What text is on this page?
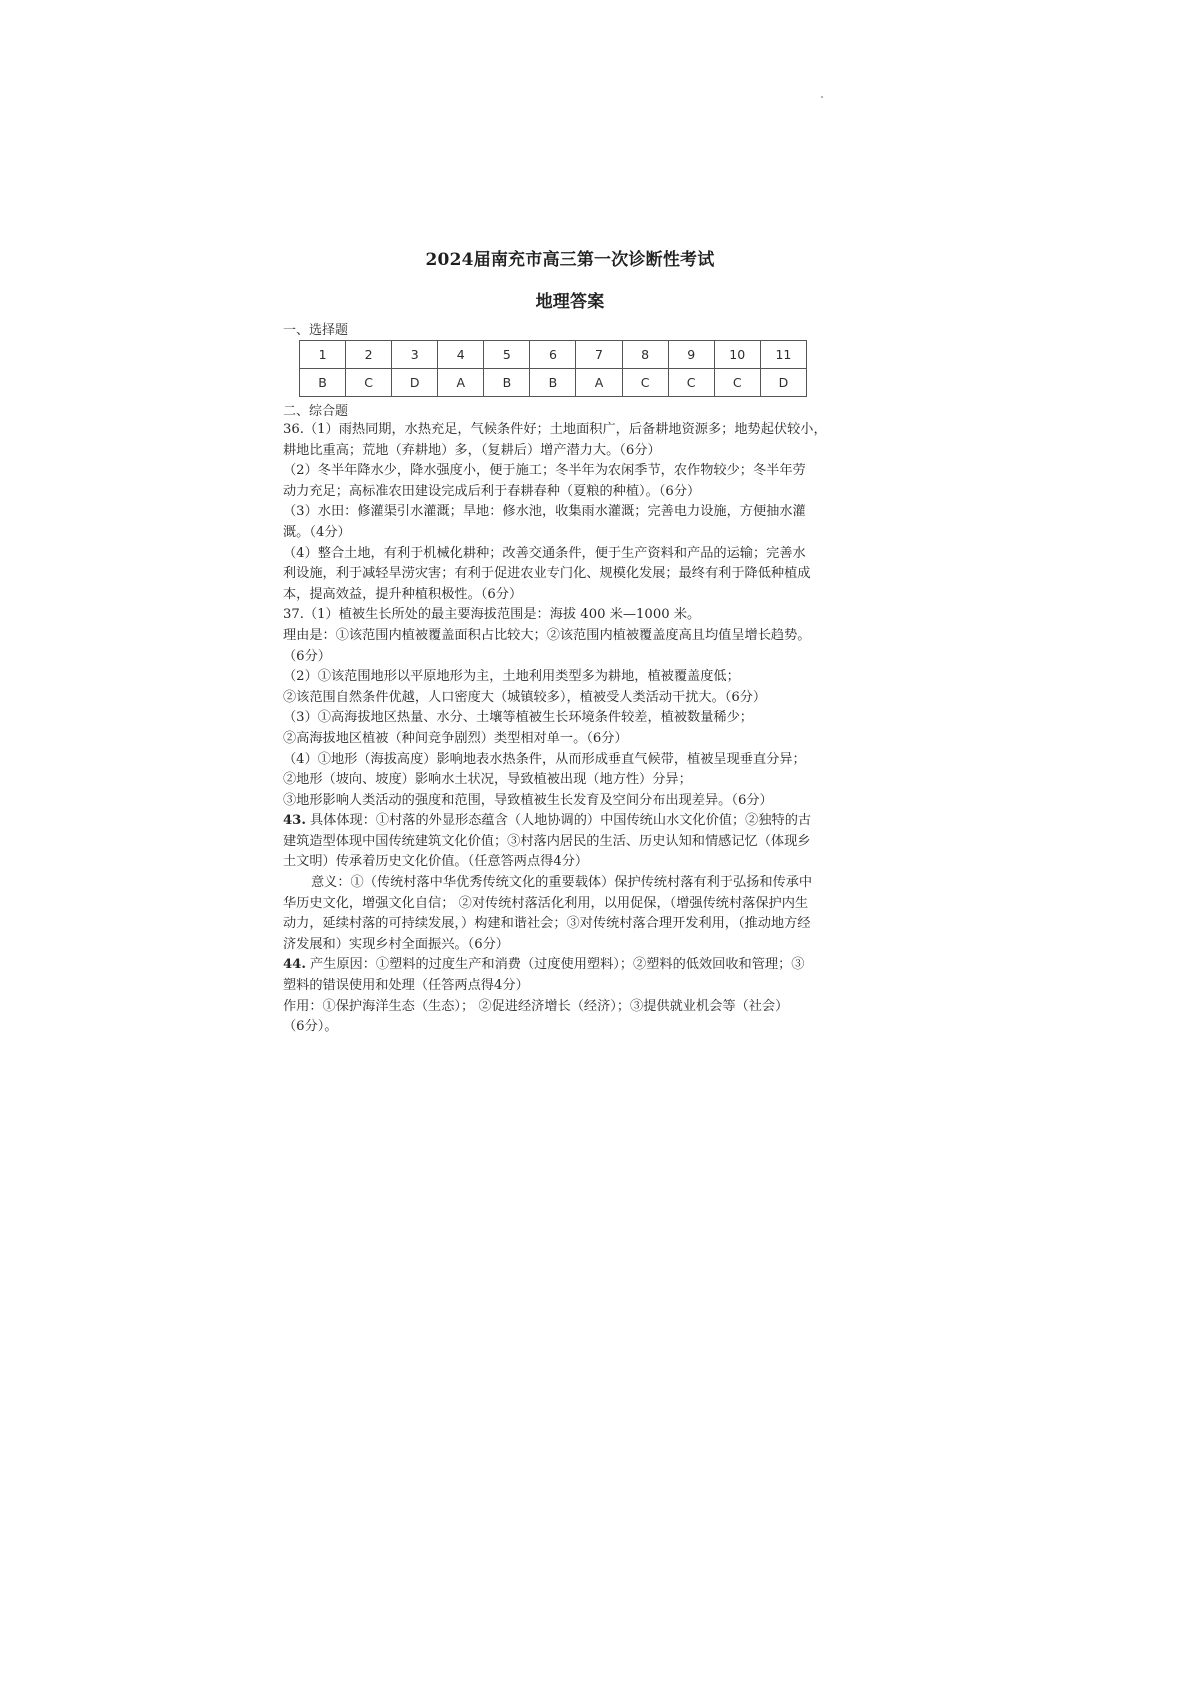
2024届南充市高三第一次诊断性考试
地理答案
一、选择题
1	2	3	4	5	6	7	8	9	10	11
B	C	D	A	B	B	A	C	C	C	D
二、综合题
36.（1）雨热同期，水热充足，气候条件好；土地面积广，后备耕地资源多；地势起伏较小，
耕地比重高；荒地（弃耕地）多，（复耕后）增产潜力大。（6分）
（2）冬半年降水少，降水强度小，便于施工；冬半年为农闲季节，农作物较少；冬半年劳
动力充足；高标准农田建设完成后利于春耕春种（夏粮的种植）。（6分）
（3）水田：修灌渠引水灌溉；旱地：修水池，收集雨水灌溉；完善电力设施，方便抽水灌
溉。（4分）
（4）整合土地，有利于机械化耕种；改善交通条件，便于生产资料和产品的运输；完善水
利设施，利于减轻旱涝灾害；有利于促进农业专门化、规模化发展；最终有利于降低种植成
本，提高效益，提升种植积极性。（6分）
37.（1）植被生长所处的最主要海拔范围是：海拔 400 米—1000 米。
理由是：①该范围内植被覆盖面积占比较大；②该范围内植被覆盖度高且均值呈增长趋势。
（6分）
（2）①该范围地形以平原地形为主，土地利用类型多为耕地，植被覆盖度低；
②该范围自然条件优越，人口密度大（城镇较多），植被受人类活动干扰大。（6分）
（3）①高海拔地区热量、水分、土壤等植被生长环境条件较差，植被数量稀少；
②高海拔地区植被（种间竞争剧烈）类型相对单一。（6分）
（4）①地形（海拔高度）影响地表水热条件，从而形成垂直气候带，植被呈现垂直分异；
②地形（坡向、坡度）影响水土状况，导致植被出现（地方性）分异；
③地形影响人类活动的强度和范围，导致植被生长发育及空间分布出现差异。（6分）
43. 具体体现：①村落的外显形态蕴含（人地协调的）中国传统山水文化价值；②独特的古
建筑造型体现中国传统建筑文化价值；③村落内居民的生活、历史认知和情感记忆（体现乡
土文明）传承着历史文化价值。（任意答两点得4分）
意义：①（传统村落中华优秀传统文化的重要载体）保护传统村落有利于弘扬和传承中
华历史文化，增强文化自信； ②对传统村落活化利用，以用促保，（增强传统村落保护内生
动力，延续村落的可持续发展，）构建和谐社会；③对传统村落合理开发利用，（推动地方经
济发展和）实现乡村全面振兴。（6分）
44. 产生原因：①塑料的过度生产和消费（过度使用塑料）；②塑料的低效回收和管理；③
塑料的错误使用和处理（任答两点得4分）
作用：①保护海洋生态（生态）； ②促进经济增长（经济）；③提供就业机会等（社会）
（6分）。
